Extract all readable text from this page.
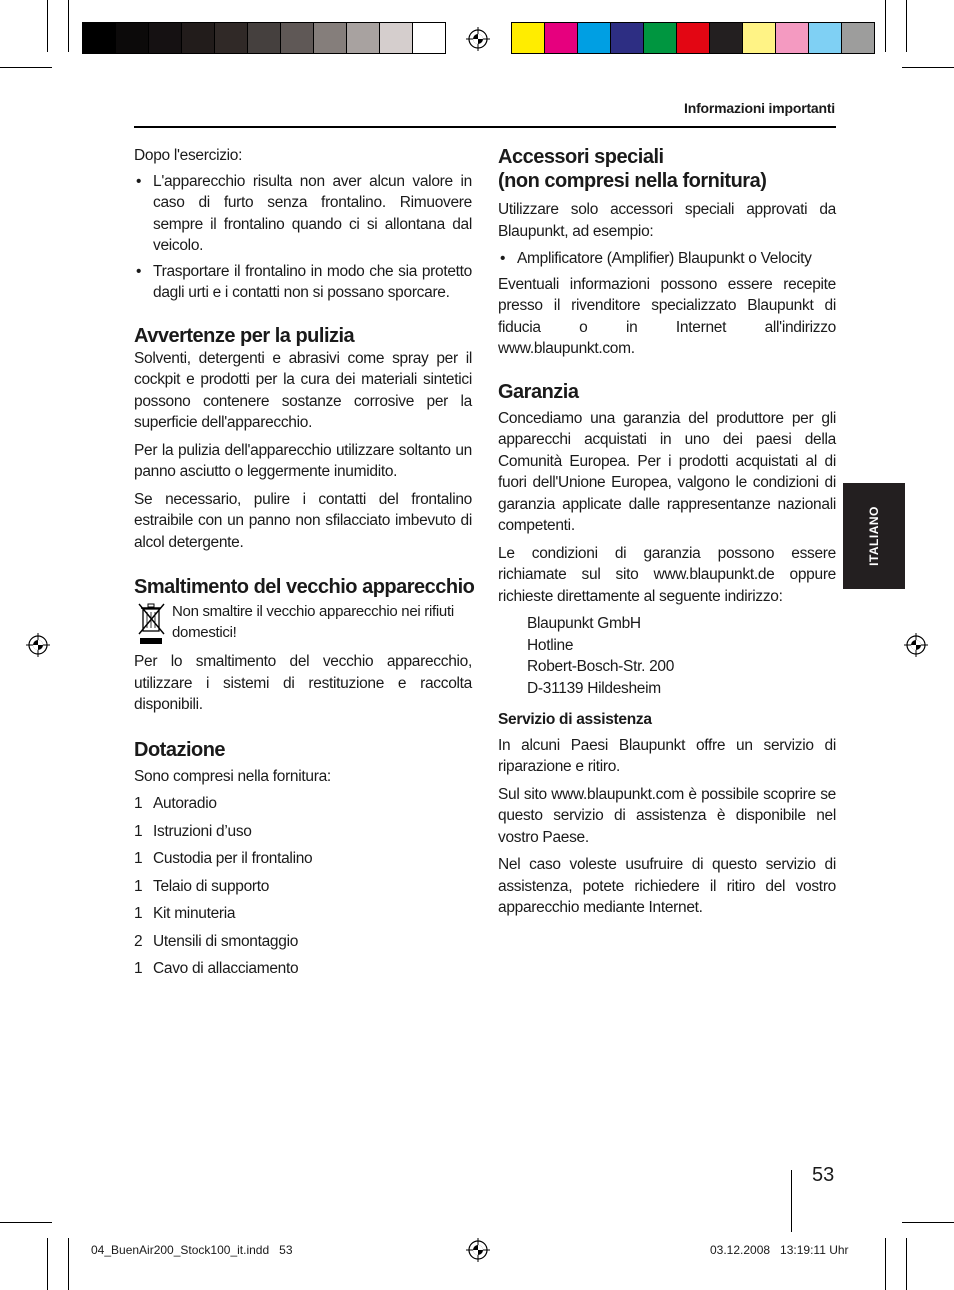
Informazioni importanti

Dopo l'esercizio:

• L'apparecchio risulta non aver alcun valore in caso di furto senza frontalino. Rimuovere sempre il frontalino quando ci si allontana dal veicolo.
• Trasportare il frontalino in modo che sia protetto dagli urti e i contatti non si possano sporcare.
Avvertenze per la pulizia

Solventi, detergenti e abrasivi come spray per il cockpit e prodotti per la cura dei materiali sintetici possono contenere sostanze corrosive per la superficie dell'apparecchio.

Per la pulizia dell'apparecchio utilizzare soltanto un panno asciutto o leggermente inumidito.

Se necessario, pulire i contatti del frontalino estraibile con un panno non sfilacciato imbevuto di alcol detergente.

Smaltimento del vecchio apparecchio
Non smaltire il vecchio apparecchio nei rifiuti domestici!

Per lo smaltimento del vecchio apparecchio, utilizzare i sistemi di restituzione e raccolta disponibili.

Dotazione

Sono compresi nella fornitura:

1 Autoradio
1 Istruzioni d’uso
1 Custodia per il frontalino
1 Telaio di supporto
1 Kit minuteria
2 Utensili di smontaggio
1 Cavo di allacciamento
Accessori speciali
(non compresi nella fornitura)

Utilizzare solo accessori speciali approvati da Blaupunkt, ad esempio:

• Amplificatore (Amplifier) Blaupunkt o Velocity

Eventuali informazioni possono essere recepite presso il rivenditore specializzato Blaupunkt di fiducia o in Internet all'indirizzo www.blaupunkt.com.

Garanzia

Concediamo una garanzia del produttore per gli apparecchi acquistati in uno dei paesi della Comunità Europea. Per i prodotti acquistati al di fuori dell'Unione Europea, valgono le condizioni di garanzia applicate dalle rappresentanze nazionali competenti.

Le condizioni di garanzia possono essere richiamate sul sito www.blaupunkt.de oppure richieste direttamente al seguente indirizzo:

Blaupunkt GmbH
Hotline
Robert-Bosch-Str. 200
D-31139 Hildesheim
Servizio di assistenza

In alcuni Paesi Blaupunkt offre un servizio di riparazione e ritiro.

Sul sito www.blaupunkt.com è possibile scoprire se questo servizio di assistenza è disponibile nel vostro Paese.

Nel caso voleste usufruire di questo servizio di assistenza, potete richiedere il ritiro del vostro apparecchio mediante Internet.

ITALIANO
53
04_BuenAir200_Stock100_it.indd   53	03.12.2008   13:19:11 Uhr
